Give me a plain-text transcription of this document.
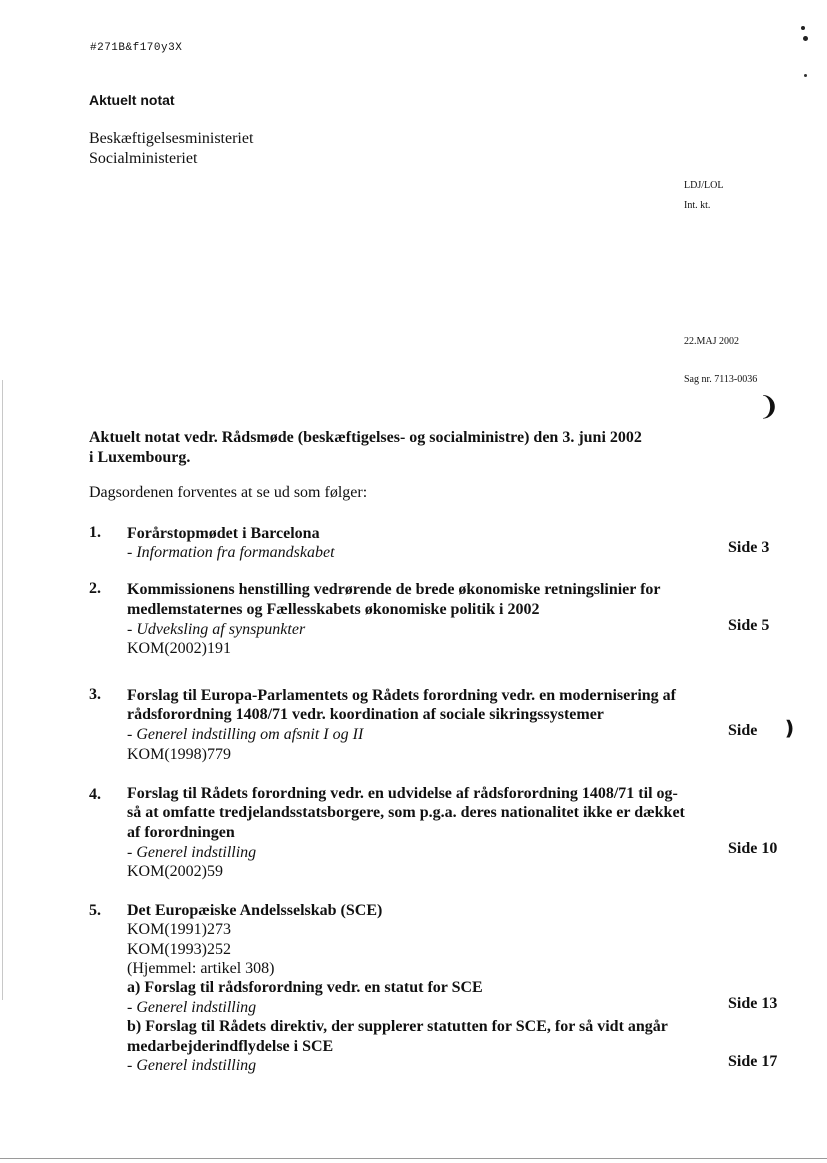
#271B&f170y3X
Aktuelt notat
Beskæftigelsesministeriet
Socialministeriet
LDJ/LOL
Int. kt.
22.MAJ 2002
Sag nr. 7113-0036
Aktuelt notat vedr. Rådsmøde (beskæftigelses- og socialministre) den 3. juni 2002
i Luxembourg.
Dagsordenen forventes at se ud som følger:
1. Forårstopmødet i Barcelona
- Information fra formandskabet	Side 3
2. Kommissionens henstilling vedrørende de brede økonomiske retningslinier for
medlemstaternes og Fællesskabets økonomiske politik i 2002
- Udveksling af synspunkter
KOM(2002)191
Side 5
3. Forslag til Europa-Parlamentets og Rådets forordning vedr. en modernisering af
rådsforordning 1408/71 vedr. koordination af sociale sikringssystemer
- Generel indstilling om afsnit I og II
KOM(1998)779
Side ❫
4. Forslag til Rådets forordning vedr. en udvidelse af rådsforordning 1408/71 til og-
så at omfatte tredjelandsstatsborgere, som p.g.a. deres nationalitet ikke er dækket
af forordningen
- Generel indstilling
KOM(2002)59
Side 10
5. Det Europæiske Andelsselskab (SCE)
KOM(1991)273
KOM(1993)252
(Hjemmel: artikel 308)
a) Forslag til rådsforordning vedr. en statut for SCE
- Generel indstilling	Side 13
b) Forslag til Rådets direktiv, der supplerer statutten for SCE, for så vidt angår
medarbejderindflydelse i SCE
- Generel indstilling	Side 17
❩
